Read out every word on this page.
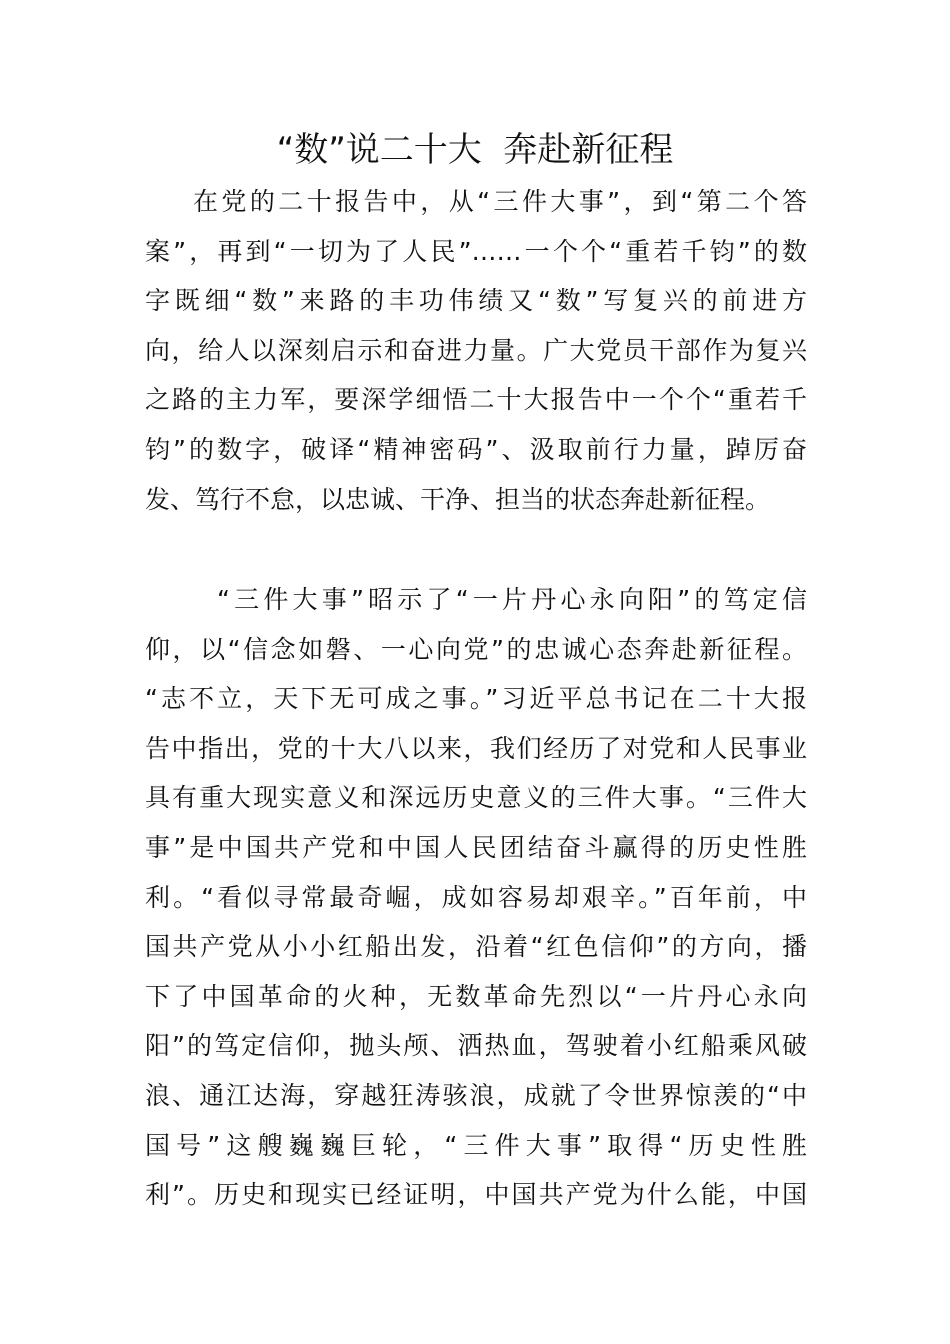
“数”说二十大  奔赴新征程
在党的二十报告中，从“三件大事”，到“第二个答
案”，再到“一切为了人民”……一个个“重若千钧”的数
字既细“数”来路的丰功伟绩又“数”写复兴的前进方
向，给人以深刻启示和奋进力量。广大党员干部作为复兴
之路的主力军，要深学细悟二十大报告中一个个“重若千
钧”的数字，破译“精神密码”、汲取前行力量，踔厉奋
发、笃行不怠，以忠诚、干净、担当的状态奔赴新征程。
“三件大事”昭示了“一片丹心永向阳”的笃定信
仰，以“信念如磐、一心向党”的忠诚心态奔赴新征程。
“志不立，天下无可成之事。”习近平总书记在二十大报
告中指出，党的十大八以来，我们经历了对党和人民事业
具有重大现实意义和深远历史意义的三件大事。“三件大
事”是中国共产党和中国人民团结奋斗赢得的历史性胜
利。“看似寻常最奇崛，成如容易却艰辛。”百年前，中
国共产党从小小红船出发，沿着“红色信仰”的方向，播
下了中国革命的火种，无数革命先烈以“一片丹心永向
阳”的笃定信仰，抛头颅、洒热血，驾驶着小红船乘风破
浪、通江达海，穿越狂涛骇浪，成就了令世界惊羡的“中
国号”这艘巍巍巨轮，“三件大事”取得“历史性胜
利”。历史和现实已经证明，中国共产党为什么能，中国
